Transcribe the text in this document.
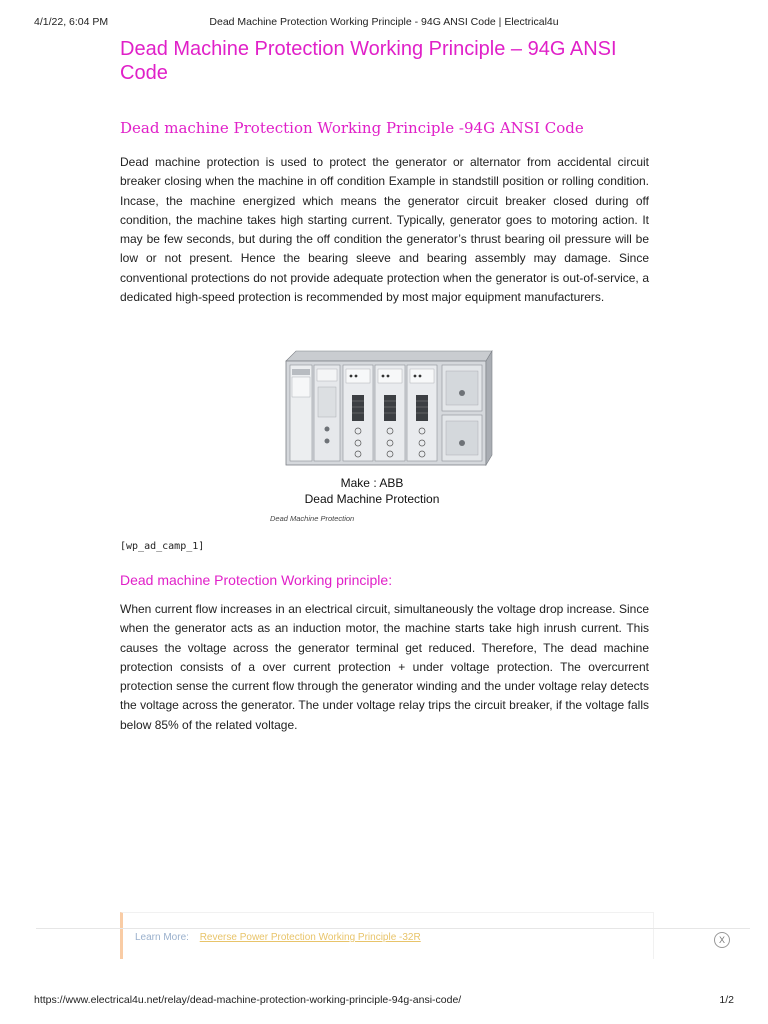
4/1/22, 6:04 PM	Dead Machine Protection Working Principle - 94G ANSI Code | Electrical4u
Dead Machine Protection Working Principle – 94G ANSI Code
Dead machine Protection Working Principle -94G ANSI Code

Dead machine protection is used to protect the generator or alternator from accidental circuit breaker closing when the machine in off condition Example in standstill position or rolling condition. Incase, the machine energized which means the generator circuit breaker closed during off condition, the machine takes high starting current. Typically, generator goes to motoring action. It may be few seconds, but during the off condition the generator’s thrust bearing oil pressure will be low or not present. Hence the bearing sleeve and bearing assembly may damage. Since conventional protections do not provide adequate protection when the generator is out-of-service, a dedicated high-speed protection is recommended by most major equipment manufacturers.

Make : ABB
Dead Machine Protection
Dead Machine Protection
[wp_ad_camp_1]
Dead machine Protection Working principle:

When current flow increases in an electrical circuit, simultaneously the voltage drop increase. Since when the generator acts as an induction motor, the machine starts take high inrush current. This causes the voltage across the generator terminal get reduced. Therefore, The dead machine protection consists of a over current protection + under voltage protection. The overcurrent protection sense the current flow through the generator winding and the under voltage relay detects the voltage across the generator. The under voltage relay trips the circuit breaker, if the voltage falls below 85% of the related voltage.

Learn More: Reverse Power Protection Working Principle -32R	X
https://www.electrical4u.net/relay/dead-machine-protection-working-principle-94g-ansi-code/	1/2
